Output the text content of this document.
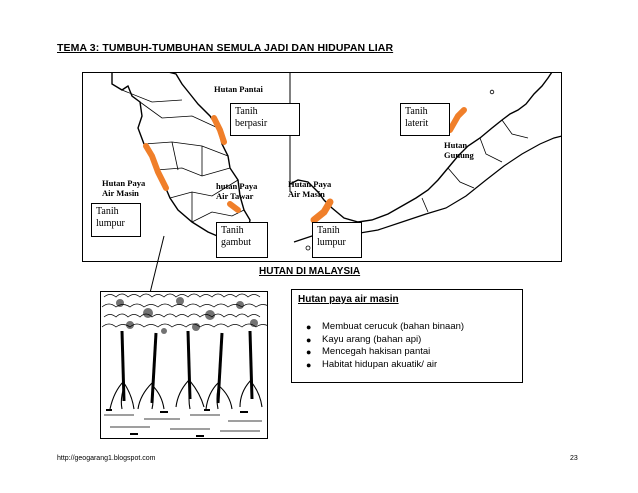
TEMA 3: TUMBUH-TUMBUHAN SEMULA JADI DAN HIDUPAN LIAR
Hutan Pantai
Hutan Paya
Air Masin
hutan Paya
Air Tawar
Hutan Paya
Air Masin
Hutan
Gunung
Tanih
berpasir
Tanih
laterit
Tanih
lumpur
Tanih
gambut
Tanih
lumpur
HUTAN DI MALAYSIA
Hutan paya air masin
● Membuat cerucuk (bahan binaan)
● Kayu arang (bahan api)
● Mencegah hakisan pantai
● Habitat hidupan akuatik/ air
http://geogarang1.blogspot.com	23
